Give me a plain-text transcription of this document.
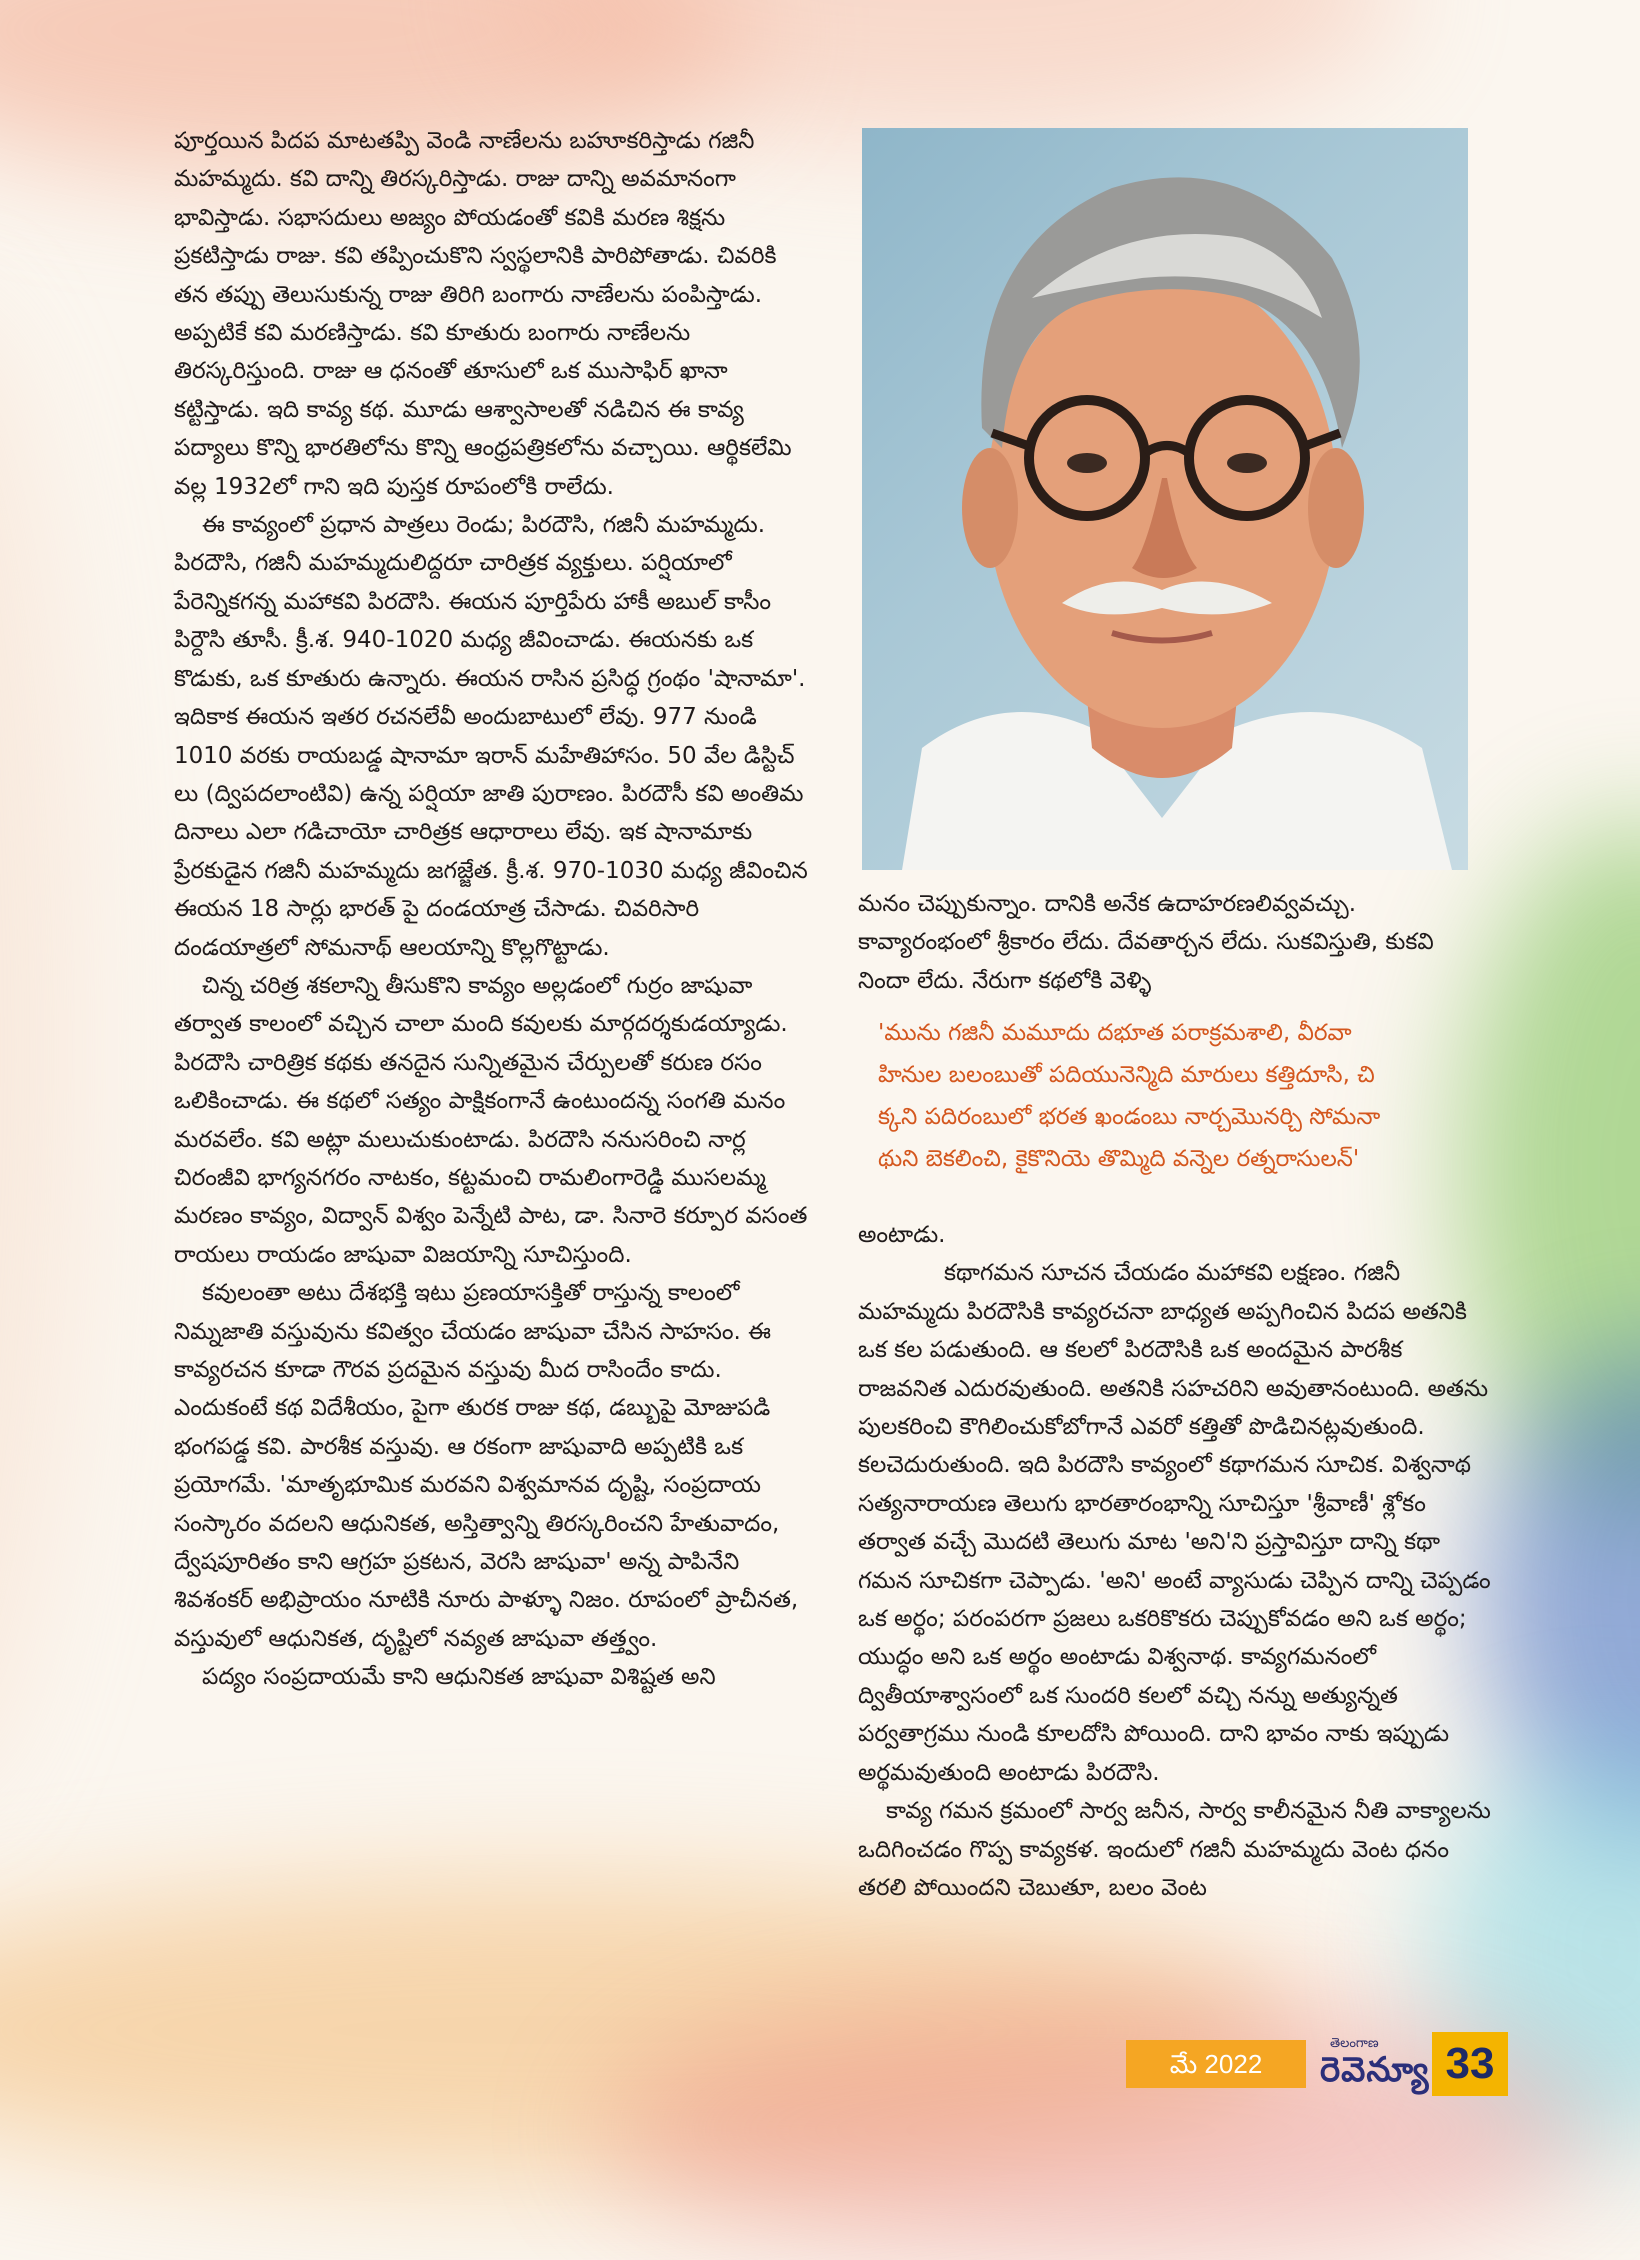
పూర్తయిన పిదప మాటతప్పి వెండి నాణేలను బహూకరిస్తాడు గజినీ మహమ్మదు. కవి దాన్ని తిరస్కరిస్తాడు. రాజు దాన్ని అవమానంగా భావిస్తాడు. సభాసదులు అజ్యం పోయడంతో కవికి మరణ శిక్షను ప్రకటిస్తాడు రాజు. కవి తప్పించుకొని స్వస్థలానికి పారిపోతాడు. చివరికి తన తప్పు తెలుసుకున్న రాజు తిరిగి బంగారు నాణేలను పంపిస్తాడు. అప్పటికే కవి మరణిస్తాడు. కవి కూతురు బంగారు నాణేలను తిరస్కరిస్తుంది. రాజు ఆ ధనంతో తూసులో ఒక ముసాఫిర్ ఖానా కట్టిస్తాడు. ఇది కావ్య కథ. మూడు ఆశ్వాసాలతో నడిచిన ఈ కావ్య పద్యాలు కొన్ని భారతిలోను కొన్ని ఆంధ్రపత్రికలోను వచ్చాయి. ఆర్థికలేమి వల్ల 1932లో గాని ఇది పుస్తక రూపంలోకి రాలేదు.

ఈ కావ్యంలో ప్రధాన పాత్రలు రెండు; పిరదౌసి, గజినీ మహమ్మదు. పిరదౌసి, గజినీ మహమ్మదులిద్దరూ చారిత్రక వ్యక్తులు. పర్షియాలో పేరెన్నికగన్న మహాకవి పిరదౌసి. ఈయన పూర్తిపేరు హాకీ అబుల్ కాసీం పిర్దౌసి తూసీ. క్రీ.శ. 940-1020 మధ్య జీవించాడు. ఈయనకు ఒక కొడుకు, ఒక కూతురు ఉన్నారు. ఈయన రాసిన ప్రసిద్ధ గ్రంథం 'షానామా'. ఇదికాక ఈయన ఇతర రచనలేవీ అందుబాటులో లేవు. 977 నుండి 1010 వరకు రాయబడ్డ షానామా ఇరాన్ మహేతిహాసం. 50 వేల డిస్టిచ్ లు (ద్విపదలాంటివి) ఉన్న పర్షియా జాతి పురాణం. పిరదౌసీ కవి అంతిమ దినాలు ఎలా గడిచాయో చారిత్రక ఆధారాలు లేవు. ఇక షానామాకు ప్రేరకుడైన గజినీ మహమ్మదు జగజ్జేత. క్రీ.శ. 970-1030 మధ్య జీవించిన ఈయన 18 సార్లు భారత్ పై దండయాత్ర చేసాడు. చివరిసారి దండయాత్రలో సోమనాథ్ ఆలయాన్ని కొల్లగొట్టాడు.

చిన్న చరిత్ర శకలాన్ని తీసుకొని కావ్యం అల్లడంలో గుర్రం జాషువా తర్వాత కాలంలో వచ్చిన చాలా మంది కవులకు మార్గదర్శకుడయ్యాడు. పిరదౌసి చారిత్రిక కథకు తనదైన సున్నితమైన చేర్పులతో కరుణ రసం ఒలికించాడు. ఈ కథలో సత్యం పాక్షికంగానే ఉంటుందన్న సంగతి మనం మరవలేం. కవి అట్లా మలుచుకుంటాడు. పిరదౌసి ననుసరించి నార్ల చిరంజీవి భాగ్యనగరం నాటకం, కట్టమంచి రామలింగారెడ్డి ముసలమ్మ మరణం కావ్యం, విద్వాన్ విశ్వం పెన్నేటి పాట, డా. సినారె కర్పూర వసంత రాయలు రాయడం జాషువా విజయాన్ని సూచిస్తుంది.

కవులంతా అటు దేశభక్తి ఇటు ప్రణయాసక్తితో రాస్తున్న కాలంలో నిమ్నజాతి వస్తువును కవిత్వం చేయడం జాషువా చేసిన సాహసం. ఈ కావ్యరచన కూడా గౌరవ ప్రదమైన వస్తువు మీద రాసిందేం కాదు. ఎందుకంటే కథ విదేశీయం, పైగా తురక రాజు కథ, డబ్బుపై మోజుపడి భంగపడ్డ కవి. పారశీక వస్తువు. ఆ రకంగా జాషువాది అప్పటికి ఒక ప్రయోగమే. 'మాతృభూమిక మరవని విశ్వమానవ దృష్టి, సంప్రదాయ సంస్కారం వదలని ఆధునికత, అస్తిత్వాన్ని తిరస్కరించని హేతువాదం, ద్వేషపూరితం కాని ఆగ్రహ ప్రకటన, వెరసి జాషువా' అన్న పాపినేని శివశంకర్ అభిప్రాయం నూటికి నూరు పాళ్ళూ నిజం. రూపంలో ప్రాచీనత, వస్తువులో ఆధునికత, దృష్టిలో నవ్యత జాషువా తత్త్వం.

పద్యం సంప్రదాయమే కాని ఆధునికత జాషువా విశిష్టత అని

మనం చెప్పుకున్నాం. దానికి అనేక ఉదాహరణలివ్వవచ్చు. కావ్యారంభంలో శ్రీకారం లేదు. దేవతార్చన లేదు. సుకవిస్తుతి, కుకవి నిందా లేదు. నేరుగా కథలోకి వెళ్ళి

'మును గజినీ మమూదు దభూత పరాక్రమశాలి, వీరవా
హినుల బలంబుతో పదియునెన్మిది మారులు కత్తిదూసి, చి
క్కని పదిరంబులో భరత ఖండంబు నార్చమొనర్చి సోమనా
థుని బెకలించి, కైకొనియె తొమ్మిది వన్నెల రత్నరాసులన్'

అంటాడు.

కథాగమన సూచన చేయడం మహాకవి లక్షణం. గజినీ మహమ్మదు పిరదౌసికి కావ్యరచనా బాధ్యత అప్పగించిన పిదప అతనికి ఒక కల పడుతుంది. ఆ కలలో పిరదౌసికి ఒక అందమైన పారశీక రాజవనిత ఎదురవుతుంది. అతనికి సహచరిని అవుతానంటుంది. అతను పులకరించి కౌగిలించుకోబోగానే ఎవరో కత్తితో పొడిచినట్లవుతుంది. కలచెదురుతుంది. ఇది పిరదౌసి కావ్యంలో కథాగమన సూచిక. విశ్వనాథ సత్యనారాయణ తెలుగు భారతారంభాన్ని సూచిస్తూ 'శ్రీవాణీ' శ్లోకం తర్వాత వచ్చే మొదటి తెలుగు మాట 'అని'ని ప్రస్తావిస్తూ దాన్ని కథా గమన సూచికగా చెప్పాడు. 'అని' అంటే వ్యాసుడు చెప్పిన దాన్ని చెప్పడం ఒక అర్థం; పరంపరగా ప్రజలు ఒకరికొకరు చెప్పుకోవడం అని ఒక అర్థం; యుద్ధం అని ఒక అర్థం అంటాడు విశ్వనాథ. కావ్యగమనంలో ద్వితీయాశ్వాసంలో ఒక సుందరి కలలో వచ్చి నన్ను అత్యున్నత పర్వతాగ్రము నుండి కూలదోసి పోయింది. దాని భావం నాకు ఇప్పుడు అర్థమవుతుంది అంటాడు పిరదౌసి.

కావ్య గమన క్రమంలో సార్వ జనీన, సార్వ కాలీనమైన నీతి వాక్యాలను ఒదిగించడం గొప్ప కావ్యకళ. ఇందులో గజినీ మహమ్మదు వెంట ధనం తరలి పోయిందని చెబుతూ, బలం వెంట

మే 2022
తెలంగాణ
రెవెన్యూ 33
